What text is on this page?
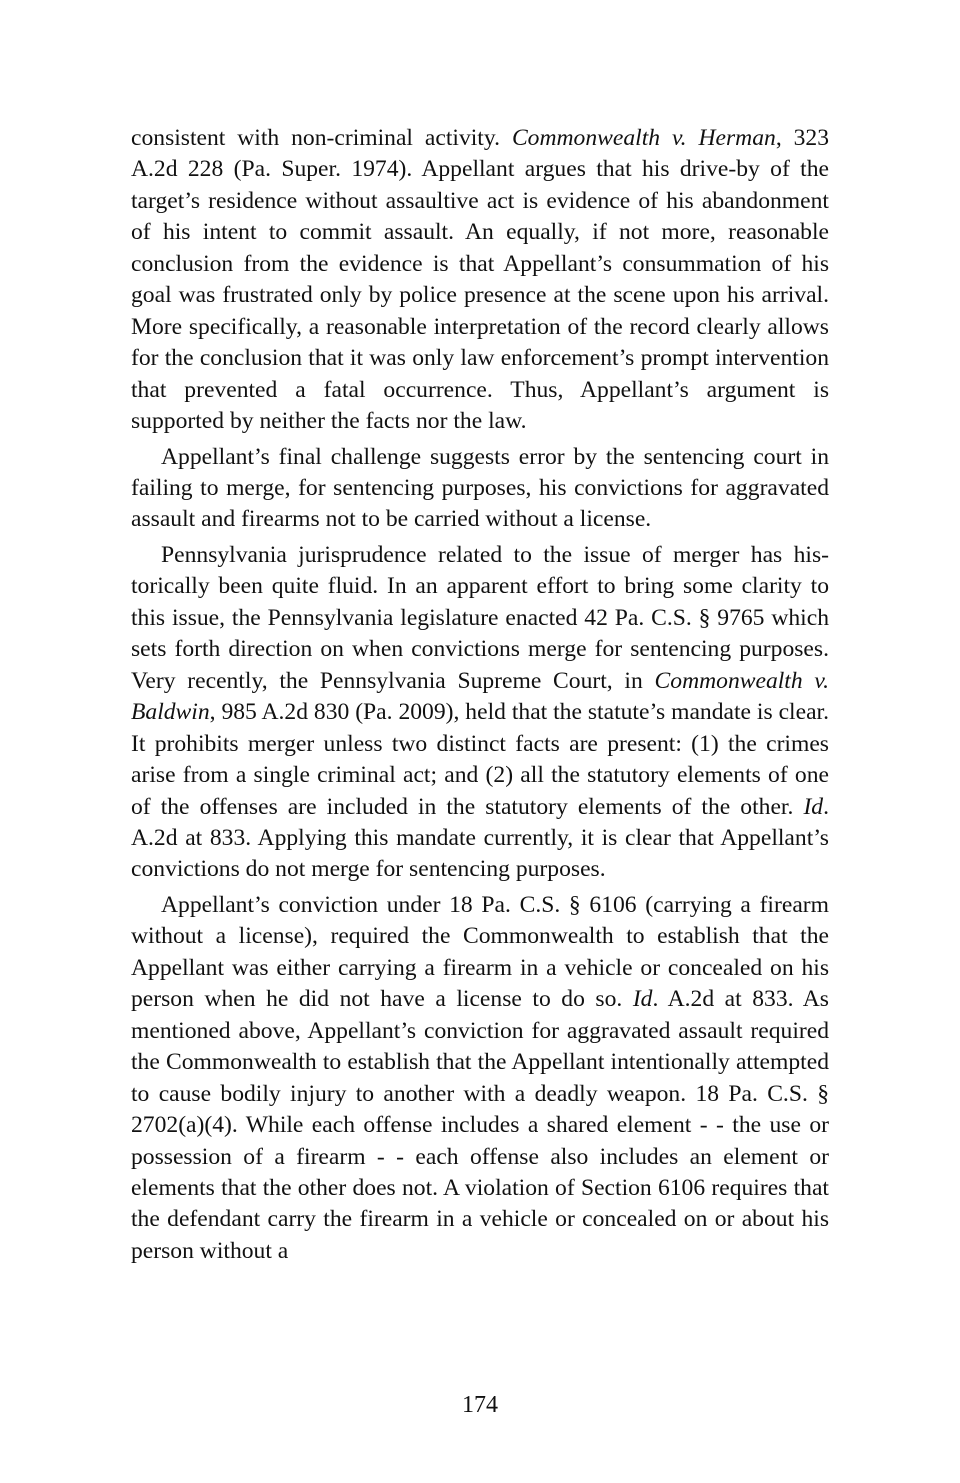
consistent with non-criminal activity. Commonwealth v. Herman, 323 A.2d 228 (Pa. Super. 1974). Appellant argues that his drive-by of the target’s residence without assaultive act is evidence of his abandonment of his intent to commit assault. An equally, if not more, reasonable conclusion from the evidence is that Appellant’s consummation of his goal was frustrated only by police presence at the scene upon his arrival. More specifically, a reasonable interpretation of the record clearly allows for the conclusion that it was only law enforcement’s prompt intervention that prevented a fatal occurrence. Thus, Appellant’s argument is supported by neither the facts nor the law.

Appellant’s final challenge suggests error by the sentencing court in failing to merge, for sentencing purposes, his convictions for aggravated assault and firearms not to be carried without a license.

Pennsylvania jurisprudence related to the issue of merger has historically been quite fluid. In an apparent effort to bring some clarity to this issue, the Pennsylvania legislature enacted 42 Pa. C.S. § 9765 which sets forth direction on when convictions merge for sentencing purposes. Very recently, the Pennsylvania Supreme Court, in Commonwealth v. Baldwin, 985 A.2d 830 (Pa. 2009), held that the statute’s mandate is clear. It prohibits merger unless two distinct facts are present: (1) the crimes arise from a single criminal act; and (2) all the statutory elements of one of the offenses are included in the statutory elements of the other. Id. A.2d at 833. Applying this mandate currently, it is clear that Appellant’s convictions do not merge for sentencing purposes.

Appellant’s conviction under 18 Pa. C.S. § 6106 (carrying a firearm without a license), required the Commonwealth to establish that the Appellant was either carrying a firearm in a vehicle or concealed on his person when he did not have a license to do so. Id. A.2d at 833. As mentioned above, Appellant’s conviction for aggravated assault required the Commonwealth to establish that the Appellant intentionally attempted to cause bodily injury to another with a deadly weapon. 18 Pa. C.S. § 2702(a)(4). While each offense includes a shared element - - the use or possession of a firearm - - each offense also includes an element or elements that the other does not. A violation of Section 6106 requires that the defendant carry the firearm in a vehicle or concealed on or about his person without a

174
